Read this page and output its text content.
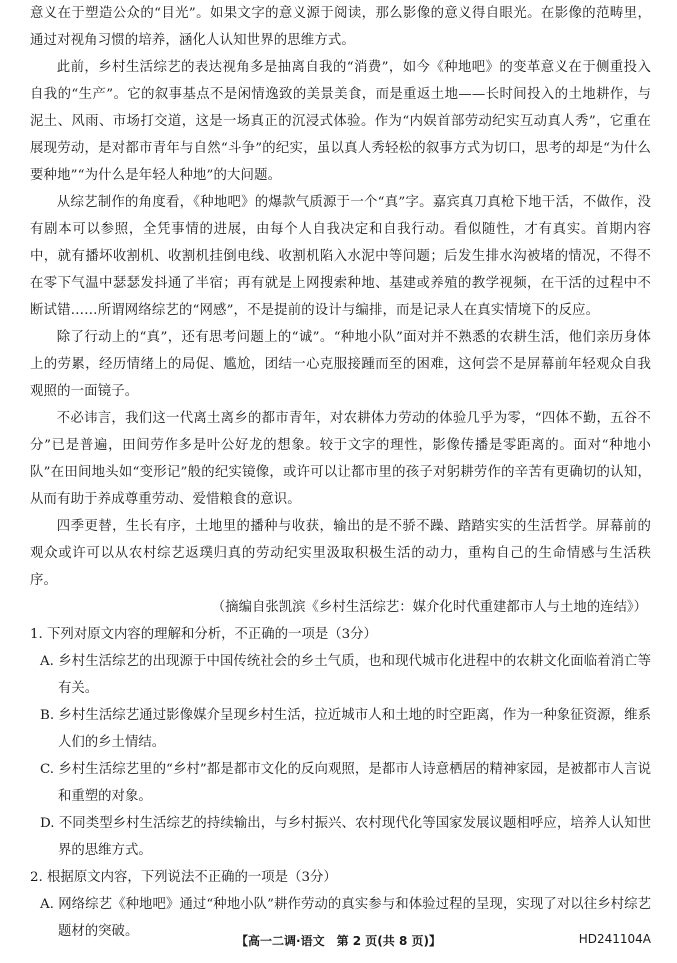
意义在于塑造公众的“目光”。如果文字的意义源于阅读，那么影像的意义得自眼光。在影像的范畴里，通过对视角习惯的培养，涵化人认知世界的思维方式。

此前，乡村生活综艺的表达视角多是抽离自我的“消费”，如今《种地吧》的变革意义在于侧重投入自我的“生产”。它的叙事基点不是闲情逸致的美景美食，而是重返土地——长时间投入的土地耕作，与泥土、风雨、市场打交道，这是一场真正的沉浸式体验。作为“内娱首部劳动纪实互动真人秀”，它重在展现劳动，是对都市青年与自然“斗争”的纪实，虽以真人秀轻松的叙事方式为切口，思考的却是“为什么要种地”“为什么是年轻人种地”的大问题。

从综艺制作的角度看，《种地吧》的爆款气质源于一个“真”字。嘉宾真刀真枪下地干活，不做作，没有剧本可以参照，全凭事情的进展，由每个人自我决定和自我行动。看似随性，才有真实。首期内容中，就有播坏收割机、收割机挂倒电线、收割机陷入水泥中等问题；后发生排水沟被堵的情况，不得不在零下气温中瑟瑟发抖通了半宿；再有就是上网搜索种地、基建或养殖的教学视频，在干活的过程中不断试错……所谓网络综艺的“网感”，不是提前的设计与编排，而是记录人在真实情境下的反应。

除了行动上的“真”，还有思考问题上的“诚”。“种地小队”面对并不熟悉的农耕生活，他们亲历身体上的劳累，经历情绪上的局促、尴尬，团结一心克服接踵而至的困难，这何尝不是屏幕前年轻观众自我观照的一面镜子。

不必讳言，我们这一代离土离乡的都市青年，对农耕体力劳动的体验几乎为零，“四体不勤，五谷不分”已是普遍，田间劳作多是叶公好龙的想象。较于文字的理性，影像传播是零距离的。面对“种地小队”在田间地头如“变形记”般的纪实镜像，或许可以让都市里的孩子对躬耕劳作的辛苦有更确切的认知，从而有助于养成尊重劳动、爱惜粮食的意识。

四季更替，生长有序，土地里的播种与收获，输出的是不骄不躁、踏踏实实的生活哲学。屏幕前的观众或许可以从农村综艺返璞归真的劳动纪实里汲取积极生活的动力，重构自己的生命情感与生活秩序。

（摘编自张凯滨《乡村生活综艺：媒介化时代重建都市人与土地的连结》）

1. 下列对原文内容的理解和分析，不正确的一项是（3分）

A. 乡村生活综艺的出现源于中国传统社会的乡土气质，也和现代城市化进程中的农耕文化面临着消亡等有关。

B. 乡村生活综艺通过影像媒介呈现乡村生活，拉近城市人和土地的时空距离，作为一种象征资源，维系人们的乡土情结。

C. 乡村生活综艺里的“乡村”都是都市文化的反向观照，是都市人诗意栖居的精神家园，是被都市人言说和重塑的对象。

D. 不同类型乡村生活综艺的持续输出，与乡村振兴、农村现代化等国家发展议题相呼应，培养人认知世界的思维方式。

2. 根据原文内容，下列说法不正确的一项是（3分）

A. 网络综艺《种地吧》通过“种地小队”耕作劳动的真实参与和体验过程的呈现，实现了对以往乡村综艺题材的突破。

【高一二调·语文　第 2 页(共 8 页)】	HD241104A
